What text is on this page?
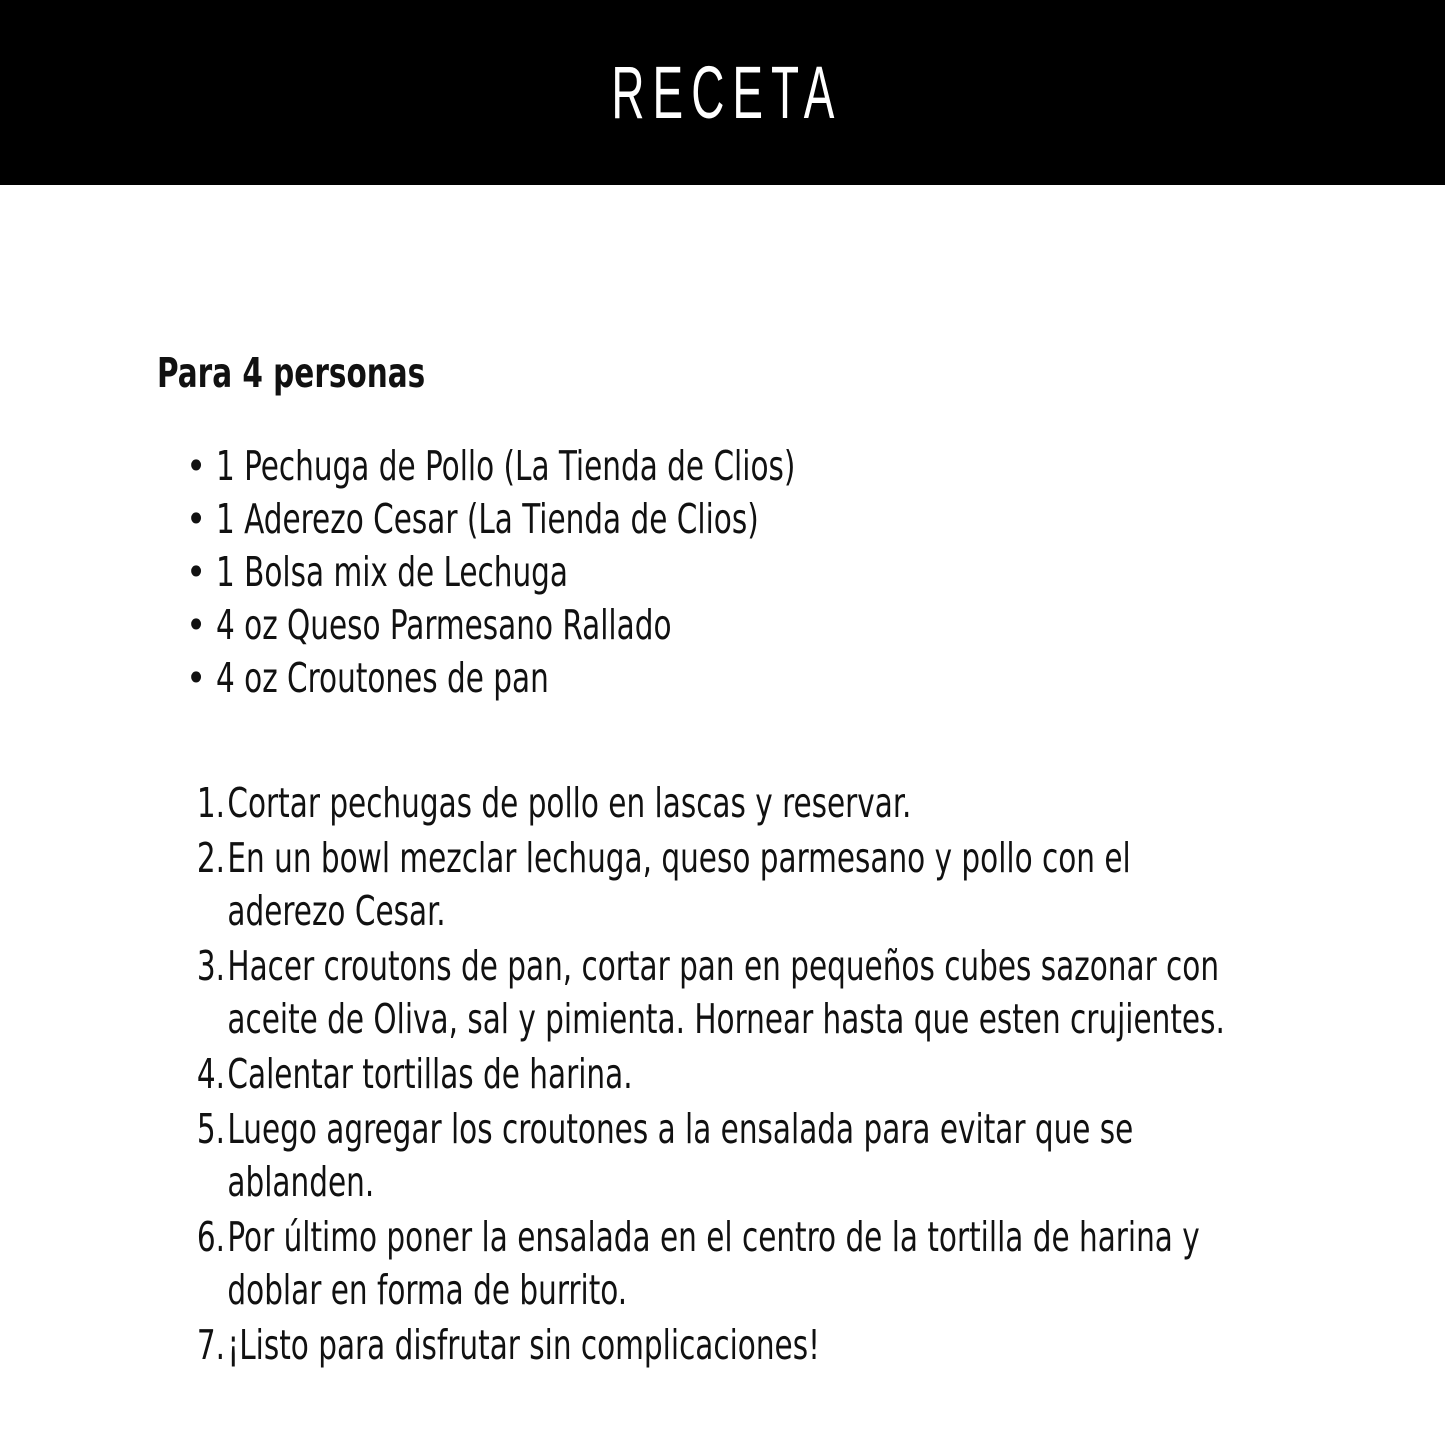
RECETA
Para 4 personas
• 1 Pechuga de Pollo (La Tienda de Clios)
• 1 Aderezo Cesar (La Tienda de Clios)
• 1 Bolsa mix de Lechuga
• 4 oz Queso Parmesano Rallado
• 4 oz Croutones de pan
1. Cortar pechugas de pollo en lascas y reservar.
2. En un bowl mezclar lechuga, queso parmesano y pollo con el aderezo Cesar.
3. Hacer croutons de pan, cortar pan en pequeños cubes sazonar con aceite de Oliva, sal y pimienta. Hornear hasta que esten crujientes.
4. Calentar tortillas de harina.
5. Luego agregar los croutones a la ensalada para evitar que se ablanden.
6. Por último poner la ensalada en el centro de la tortilla de harina y doblar en forma de burrito.
7. ¡Listo para disfrutar sin complicaciones!
